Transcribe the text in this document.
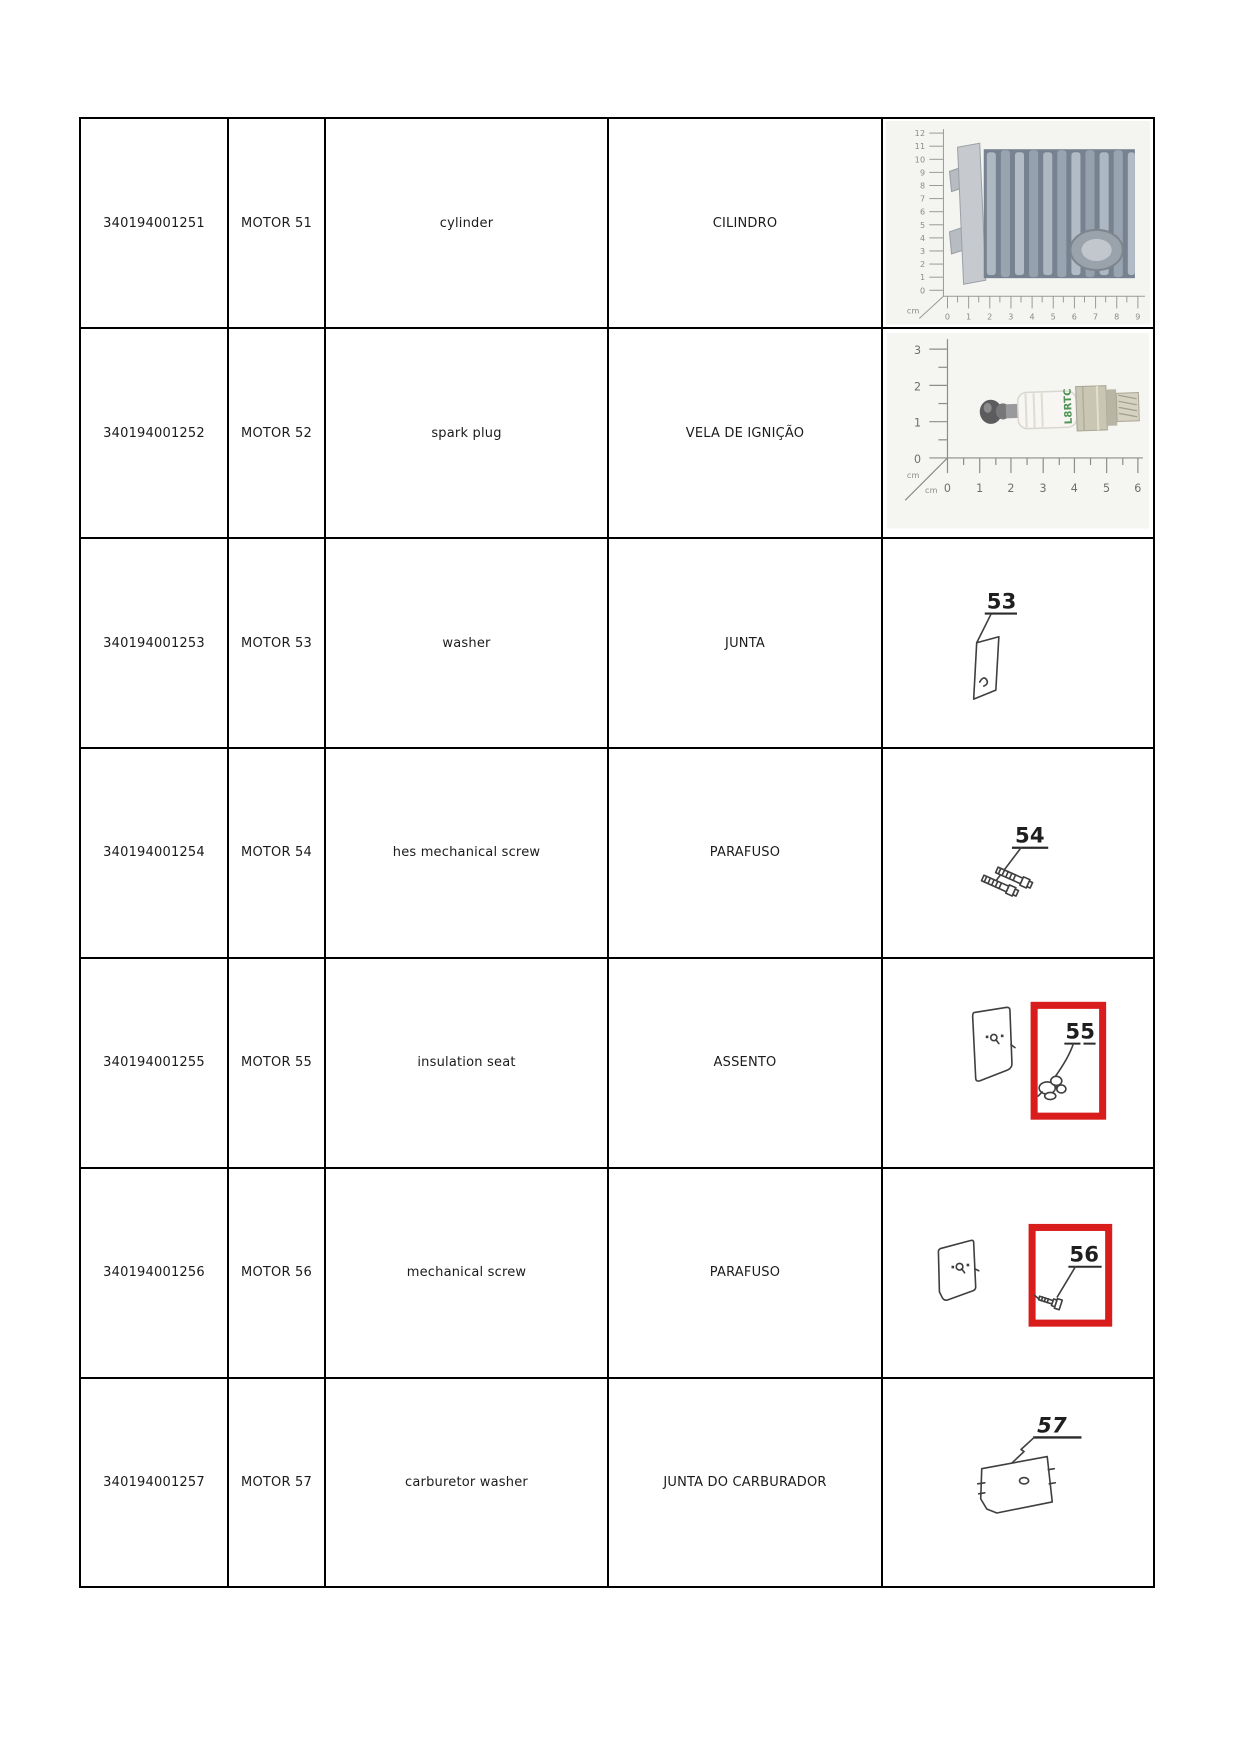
340194001251	MOTOR 51	cylinder	CILINDRO	
12
11
10
9
8
7
6
5
4
3
2
1
0
0 1 2 3 4 5 6 7 8 9
cm

340194001252	MOTOR 52	spark plug	VELA DE IGNIÇÃO	
3
2
1
0
0 1 2 3 4 5 6
cm
cm
L8RTC

340194001253	MOTOR 53	washer	JUNTA	53

340194001254	MOTOR 54	hes mechanical screw	PARAFUSO	54

340194001255	MOTOR 55	insulation seat	ASSENTO	55

340194001256	MOTOR 56	mechanical screw	PARAFUSO	56

340194001257	MOTOR 57	carburetor washer	JUNTA DO CARBURADOR	57
